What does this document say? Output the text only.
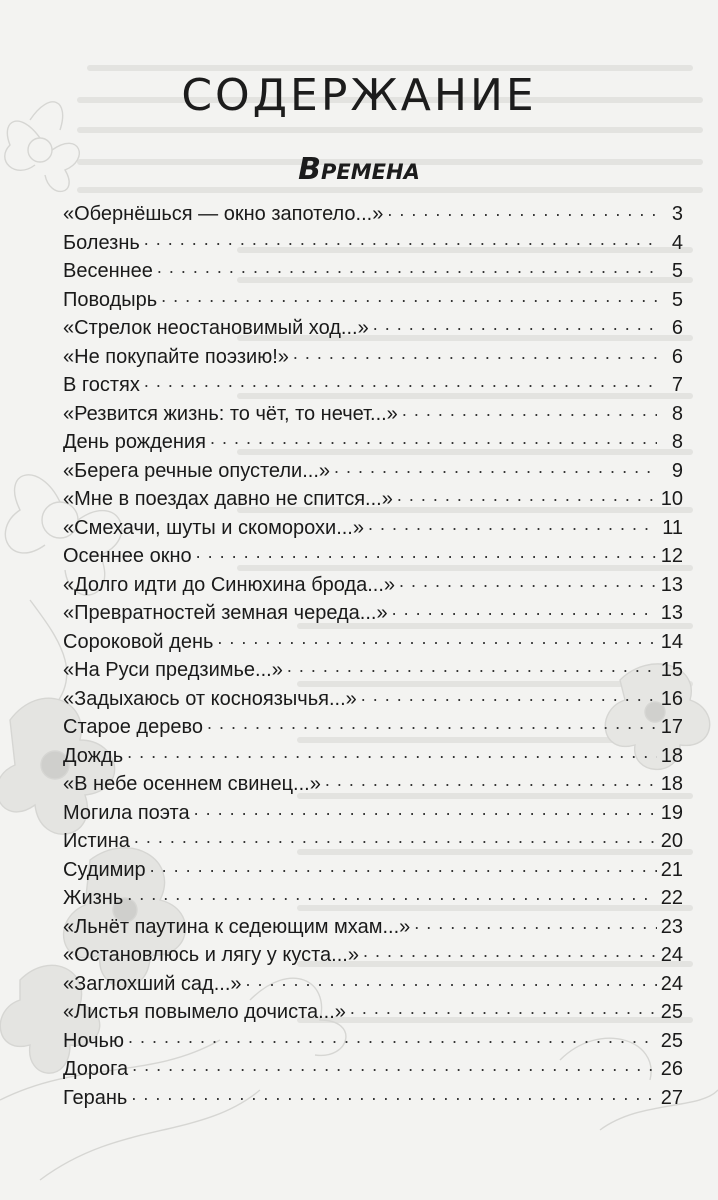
СОДЕРЖАНИЕ
Времена
«Обернёшься — окно запотело...» . . .	3
Болезнь . . .	4
Весеннее . . .	5
Поводырь . . .	5
«Стрелок неостановимый ход...» . . .	6
«Не покупайте поэзию!» . . .	6
В гостях . . .	7
«Резвится жизнь: то чёт, то нечет...» . . .	8
День рождения . . .	8
«Берега речные опустели...» . . .	9
«Мне в поездах давно не спится...» . . .	10
«Смехачи, шуты и скоморохи...» . . .	11
Осеннее окно . . .	12
«Долго идти до Синюхина брода...» . . .	13
«Превратностей земная череда...» . . .	13
Сороковой день . . .	14
«На Руси предзимье...» . . .	15
«Задыхаюсь от косноязычья...» . . .	16
Старое дерево . . .	17
Дождь . . .	18
«В небе осеннем свинец...» . . .	18
Могила поэта . . .	19
Истина . . .	20
Судимир . . .	21
Жизнь . . .	22
«Льнёт паутина к седеющим мхам...» . . .	23
«Остановлюсь и лягу у куста...» . . .	24
«Заглохший сад...» . . .	24
«Листья повымело дочиста...» . . .	25
Ночью . . .	25
Дорога . . .	26
Герань . . .	27
